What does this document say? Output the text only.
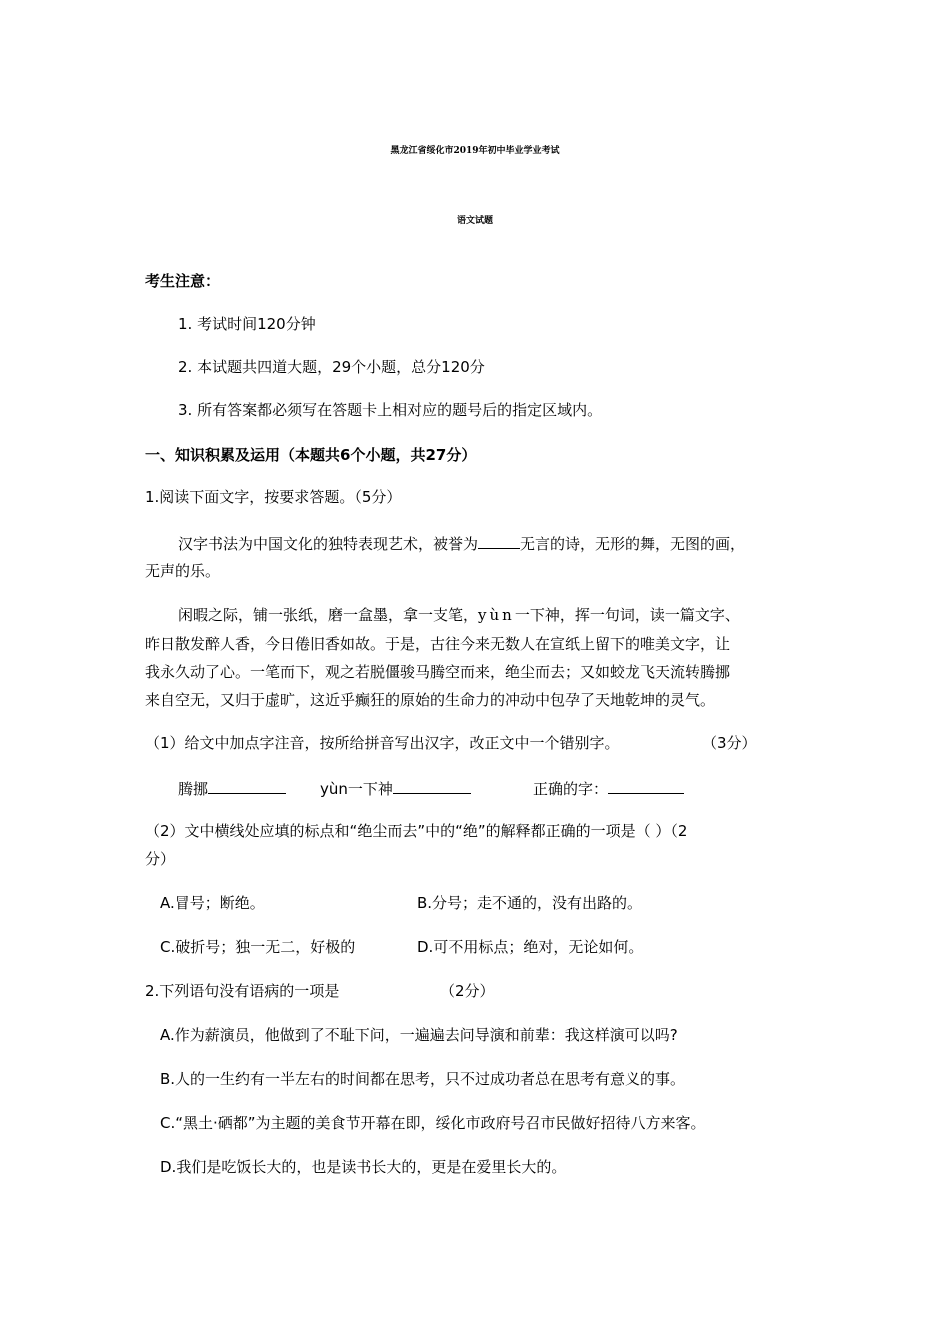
黑龙江省绥化市2019年初中毕业学业考试
语文试题
考生注意：
1. 考试时间120分钟
2. 本试题共四道大题，29个小题，总分120分
3. 所有答案都必须写在答题卡上相对应的题号后的指定区域内。
一、知识积累及运用（本题共6个小题，共27分）
1.阅读下面文字，按要求答题。（5分）
汉字书法为中国文化的独特表现艺术，被誉为	无言的诗，无形的舞，无图的画，
无声的乐。
闲暇之际，铺一张纸，磨一盒墨，拿一支笔，yùn一下神，挥一句词，读一篇文字、
昨日散发醉人香，今日倦旧香如故。于是，古往今来无数人在宣纸上留下的唯美文字，让
我永久动了心。一笔而下，观之若脱僵骏马腾空而来，绝尘而去；又如蛟龙飞天流转腾挪
来自空无，又归于虚旷，这近乎癫狂的原始的生命力的冲动中包孕了天地乾坤的灵气。
（1）给文中加点字注音，按所给拼音写出汉字，改正文中一个错别字。	（3分）
腾挪	yùn一下神	正确的字：
（2）文中横线处应填的标点和“绝尘而去”中的“绝”的解释都正确的一项是（ ）（2
分）
A.冒号；断绝。	B.分号；走不通的，没有出路的。
C.破折号；独一无二，好极的	D.可不用标点；绝对，无论如何。
2.下列语句没有语病的一项是	（2分）
A.作为薪演员，他做到了不耻下问，一遍遍去问导演和前辈：我这样演可以吗?
B.人的一生约有一半左右的时间都在思考，只不过成功者总在思考有意义的事。
C.“黑土·硒都”为主题的美食节开幕在即，绥化市政府号召市民做好招待八方来客。
D.我们是吃饭长大的，也是读书长大的，更是在爱里长大的。
